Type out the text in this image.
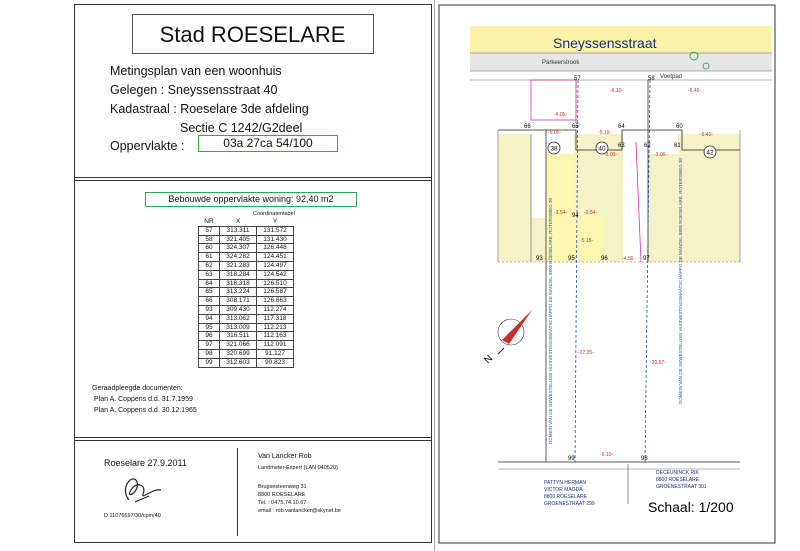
Stad ROESELARE
Metingsplan van een woonhuis
Gelegen : Sneyssensstraat 40
Kadastraal : Roeselare 3de afdeling
Sectie C 1242/G2deel
Oppervlakte :	03a 27ca 54/100
Bebouwde oppervlakte woning: 92,40 m2
Coordinatentabel
NR	X	Y
57	313.311	131.572
58	321.405	131.430
60	324.307	126.448
61	324.282	124.451
62	321.283	124.497
63	318.284	124.542
64	318.318	126.510
65	313.224	126.587
66	308.171	126.663
93	309.430	112.274
94	313.062	117.318
95	313.009	112.213
96	316.511	112.163
97	321.066	112.091
98	320.699	91.127
99	312.603	90.823
Geraadpleegde documenten:
Plan A. Coppens d.d. 31.7.1959
Plan A. Coppens d.d. 30.12.1965
Roeselare 27.9.2011
D.11076697/30/cpm/40
Van Lancker Rob
Landmeter-Expert (LAN 040520)
Brugsesteenweg 31
8800 ROESELARE
Tel. : 0475.74.10.67
email : rob.vanlancker@skynet.be
N
Sneyssensstraat
Parkeerstrook
Voetpad
38	40
42
57	58
60
61
62
63
64
65
66
93
94
95	96	97
98
99
-6.10-
-5.10-
-5.05-
-6.05-
-5.40-
-6.45-
-3.00-	-3.00-
-3.54-	-3.54-
-5.15-
-4.56-
-6.10-
-27.35-
-20.97-
DOMEIN VAN DE GEWESTELIJKE HUISVESTINGSMAATSCHAPPIJ DE MANDEL 8800 ROESELARE, ROTERSWEG 30	DOMEIN VAN DE GEWESTELIJKE HUISVESTINGSMAATSCHAPPIJ DE MANDEL 8800 ROESELARE, ROTERSWEG 30
PATTYN HERMAN
VICTOR MAGDA
8800 ROESELARE
GROENESTRAAT 299
DECEUNINCK RIK
8800 ROESELARE
GROENESTRAAT 301
Schaal: 1/200
